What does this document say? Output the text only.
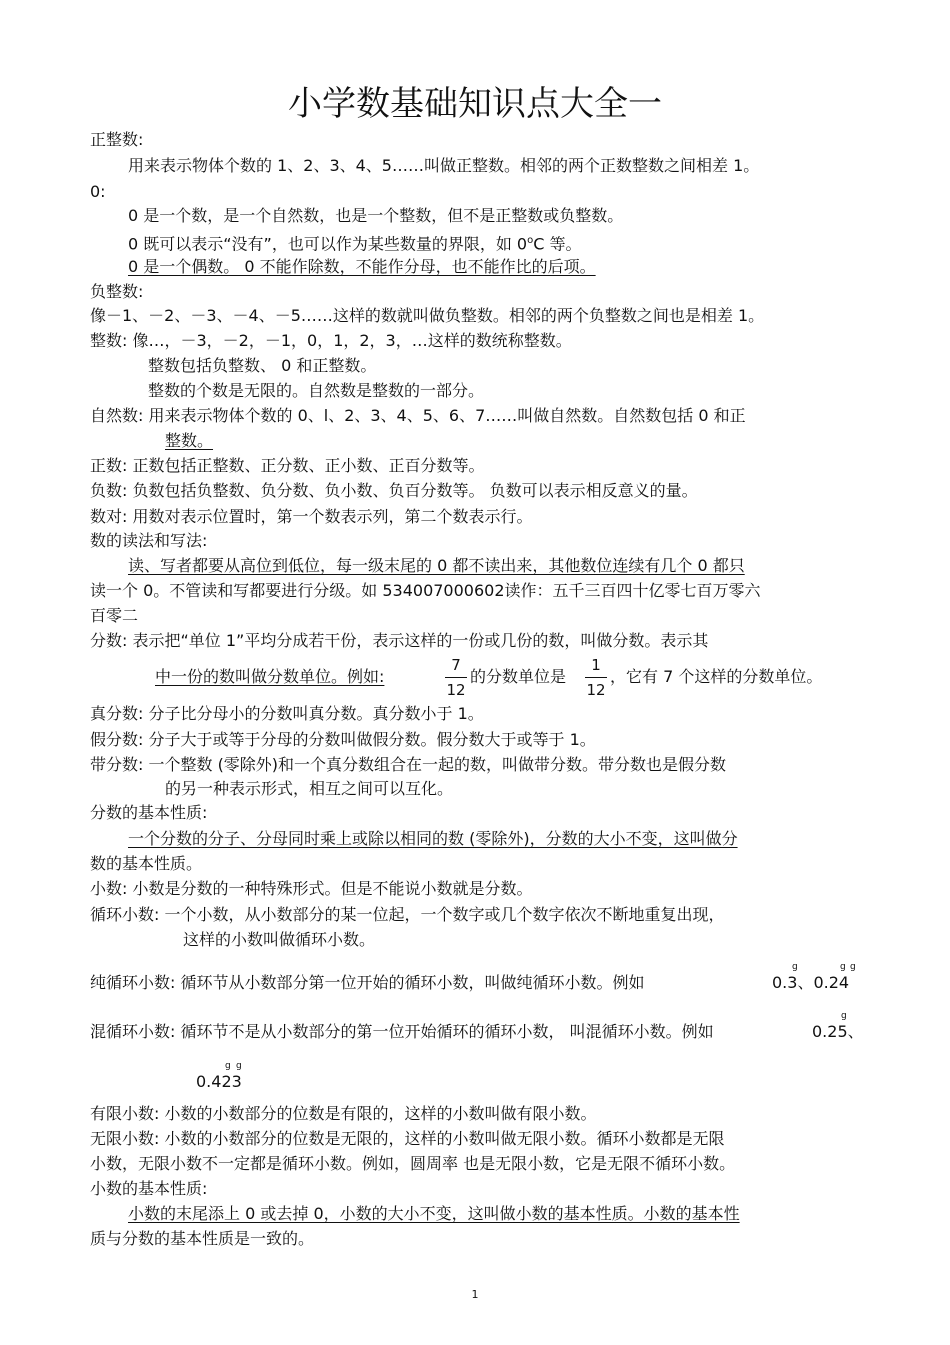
小学数基础知识点大全一
正整数:
用来表示物体个数的 1、2、3、4、5……叫做正整数。相邻的两个正数整数之间相差 1。
0:
0 是一个数，是一个自然数，也是一个整数，但不是正整数或负整数。
0 既可以表示“没有”，也可以作为某些数量的界限，如 0$^o$C 等。
0 是一个偶数。 0 不能作除数，不能作分母，也不能作比的后项。
负整数:
像－1、－2、－3、－4、－5……这样的数就叫做负整数。相邻的两个负整数之间也是相差 1。
整数: 像…，－3，－2，－1，0，1，2，3，…这样的数统称整数。
整数包括负整数、 0 和正整数。
整数的个数是无限的。自然数是整数的一部分。
自然数: 用来表示物体个数的 0、l、2、3、4、5、6、7……叫做自然数。自然数包括 0 和正
整数。
正数: 正数包括正整数、正分数、正小数、正百分数等。
负数: 负数包括负整数、负分数、负小数、负百分数等。 负数可以表示相反意义的量。
数对: 用数对表示位置时，第一个数表示列，第二个数表示行。
数的读法和写法:
读、写者都要从高位到低位，每一级末尾的 0 都不读出来，其他数位连续有几个 0 都只
读一个 0。不管读和写都要进行分级。如 534007000602读作：五千三百四十亿零七百万零六
百零二
分数: 表示把“单位 1”平均分成若干份，表示这样的一份或几份的数，叫做分数。表示其
中一份的数叫做分数单位。例如:
7
12
的分数单位是
1
12
，它有 7 个这样的分数单位。
真分数: 分子比分母小的分数叫真分数。真分数小于 1。
假分数: 分子大于或等于分母的分数叫做假分数。假分数大于或等于 1。
带分数: 一个整数 (零除外)和一个真分数组合在一起的数，叫做带分数。带分数也是假分数
的另一种表示形式，相互之间可以互化。
分数的基本性质:
一个分数的分子、分母同时乘上或除以相同的数 (零除外)，分数的大小不变，这叫做分
数的基本性质。
小数: 小数是分数的一种特殊形式。但是不能说小数就是分数。
循环小数: 一个小数，从小数部分的某一位起，一个数字或几个数字依次不断地重复出现，
这样的小数叫做循环小数。
纯循环小数: 循环节从小数部分第一位开始的循环小数，叫做纯循环小数。例如	0.3、0.24
g	g g
混循环小数: 循环节不是从小数部分的第一位开始循环的循环小数， 叫混循环小数。例如	0.25、
g
0.423
g g
有限小数: 小数的小数部分的位数是有限的，这样的小数叫做有限小数。
无限小数: 小数的小数部分的位数是无限的，这样的小数叫做无限小数。循环小数都是无限
小数，无限小数不一定都是循环小数。例如，圆周率 也是无限小数，它是无限不循环小数。
小数的基本性质:
小数的末尾添上 0 或去掉 0，小数的大小不变，这叫做小数的基本性质。小数的基本性
质与分数的基本性质是一致的。
1
